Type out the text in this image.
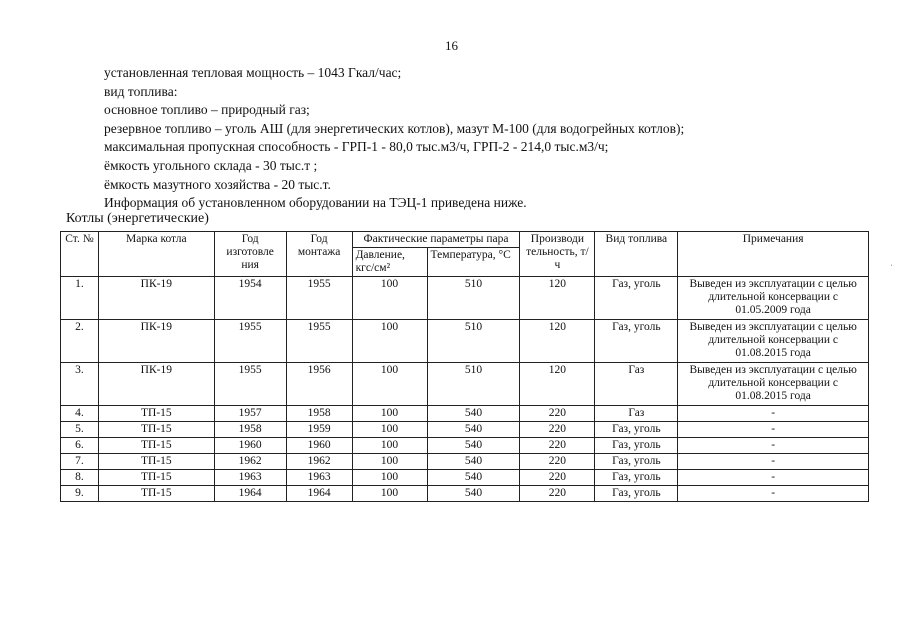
16
установленная тепловая мощность – 1043 Гкал/час;
вид топлива:
основное топливо – природный газ;
резервное топливо – уголь АШ (для энергетических котлов), мазут М-100 (для водогрейных котлов);
максимальная пропускная способность - ГРП-1 - 80,0 тыс.м3/ч, ГРП-2 - 214,0 тыс.м3/ч;
ёмкость угольного склада - 30 тыс.т ;
ёмкость мазутного хозяйства - 20 тыс.т.
Информация об установленном оборудовании на ТЭЦ-1 приведена ниже.
Котлы (энергетические)
Ст. №	Марка котла	Год изготовле ния	Год монтажа	Фактические параметры пара		Производи тельность, т/ч	Вид топлива	Примечания
				Давление, кгс/см²	Температура, °С			
1.	ПК-19	1954	1955	100	510	120	Газ, уголь	Выведен из эксплуатации с целью длительной консервации с 01.05.2009 года
2.	ПК-19	1955	1955	100	510	120	Газ, уголь	Выведен из эксплуатации с целью длительной консервации с 01.08.2015 года
3.	ПК-19	1955	1956	100	510	120	Газ	Выведен из эксплуатации с целью длительной консервации с 01.08.2015 года
4.	ТП-15	1957	1958	100	540	220	Газ	-
5.	ТП-15	1958	1959	100	540	220	Газ, уголь	-
6.	ТП-15	1960	1960	100	540	220	Газ, уголь	-
7.	ТП-15	1962	1962	100	540	220	Газ, уголь	-
8.	ТП-15	1963	1963	100	540	220	Газ, уголь	-
9.	ТП-15	1964	1964	100	540	220	Газ, уголь	-
ˈ
